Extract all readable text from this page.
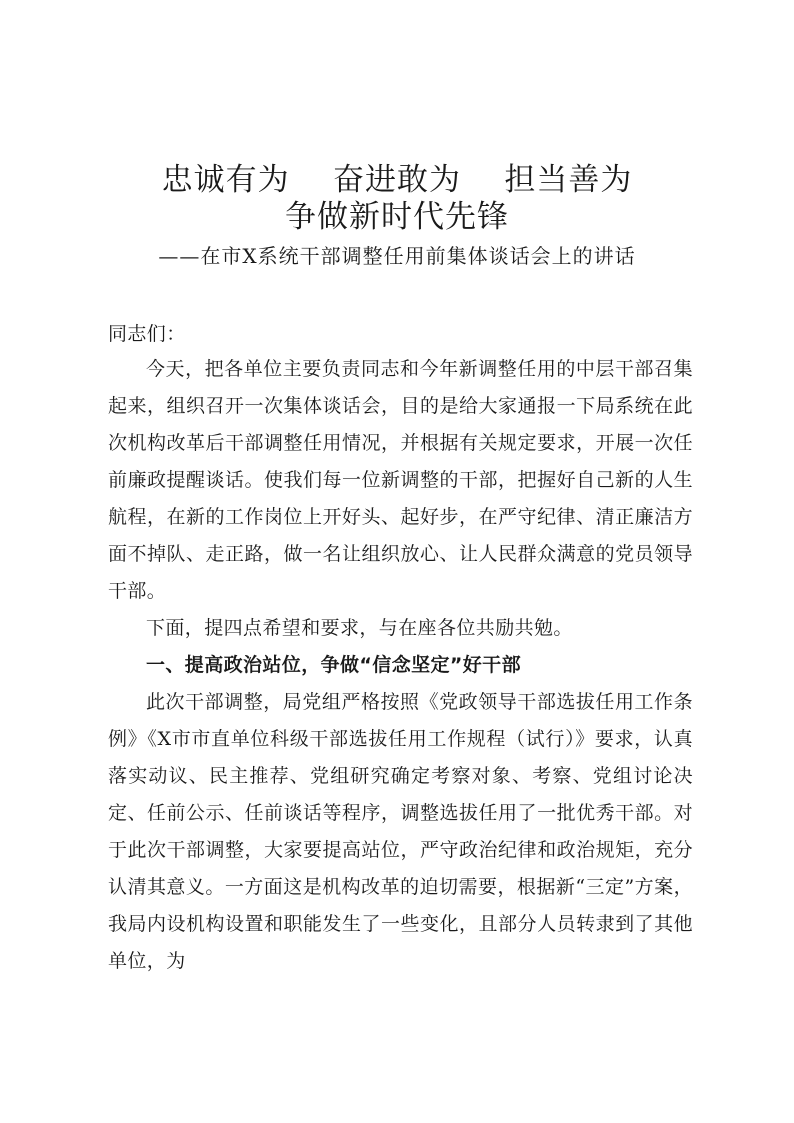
忠诚有为 奋进敢为 担当善为
争做新时代先锋
——在市X系统干部调整任用前集体谈话会上的讲话
同志们：
今天，把各单位主要负责同志和今年新调整任用的中层干部召集起来，组织召开一次集体谈话会，目的是给大家通报一下局系统在此次机构改革后干部调整任用情况，并根据有关规定要求，开展一次任前廉政提醒谈话。使我们每一位新调整的干部，把握好自己新的人生航程，在新的工作岗位上开好头、起好步，在严守纪律、清正廉洁方面不掉队、走正路，做一名让组织放心、让人民群众满意的党员领导干部。
下面，提四点希望和要求，与在座各位共励共勉。
一、提高政治站位，争做“信念坚定”好干部
此次干部调整，局党组严格按照《党政领导干部选拔任用工作条例》《X市市直单位科级干部选拔任用工作规程（试行）》要求，认真落实动议、民主推荐、党组研究确定考察对象、考察、党组讨论决定、任前公示、任前谈话等程序，调整选拔任用了一批优秀干部。对于此次干部调整，大家要提高站位，严守政治纪律和政治规矩，充分认清其意义。一方面这是机构改革的迫切需要，根据新“三定”方案，我局内设机构设置和职能发生了一些变化，且部分人员转隶到了其他单位，为
